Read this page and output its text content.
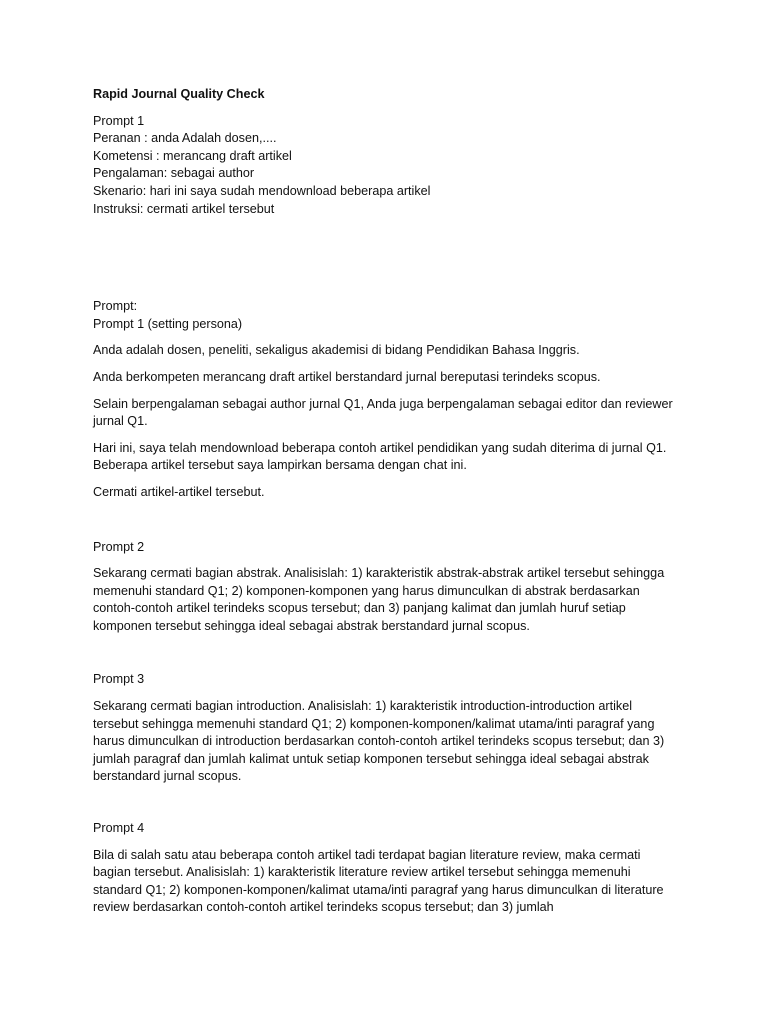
Rapid Journal Quality Check

Prompt 1

Peranan : anda Adalah dosen,....

Kometensi : merancang draft artikel

Pengalaman: sebagai author

Skenario: hari ini saya sudah mendownload beberapa artikel

Instruksi: cermati artikel tersebut

Prompt:

Prompt 1 (setting persona)

Anda adalah dosen, peneliti, sekaligus akademisi di bidang Pendidikan Bahasa Inggris.

Anda berkompeten merancang draft artikel berstandard jurnal bereputasi terindeks scopus.

Selain berpengalaman sebagai author jurnal Q1, Anda juga berpengalaman sebagai editor dan reviewer jurnal Q1.

Hari ini, saya telah mendownload beberapa contoh artikel pendidikan yang sudah diterima di jurnal Q1. Beberapa artikel tersebut saya lampirkan bersama dengan chat ini.

Cermati artikel-artikel tersebut.

Prompt 2

Sekarang cermati bagian abstrak. Analisislah: 1) karakteristik abstrak-abstrak artikel tersebut sehingga memenuhi standard Q1; 2) komponen-komponen yang harus dimunculkan di abstrak berdasarkan contoh-contoh artikel terindeks scopus tersebut; dan 3) panjang kalimat dan jumlah huruf setiap komponen tersebut sehingga ideal sebagai abstrak berstandard jurnal scopus.

Prompt 3

Sekarang cermati bagian introduction. Analisislah: 1) karakteristik introduction-introduction artikel tersebut sehingga memenuhi standard Q1; 2) komponen-komponen/kalimat utama/inti paragraf yang harus dimunculkan di introduction berdasarkan contoh-contoh artikel terindeks scopus tersebut; dan 3) jumlah paragraf dan jumlah kalimat untuk setiap komponen tersebut sehingga ideal sebagai abstrak berstandard jurnal scopus.

Prompt 4

Bila di salah satu atau beberapa contoh artikel tadi terdapat bagian literature review, maka cermati bagian tersebut. Analisislah: 1) karakteristik literature review artikel tersebut sehingga memenuhi standard Q1; 2) komponen-komponen/kalimat utama/inti paragraf yang harus dimunculkan di literature review berdasarkan contoh-contoh artikel terindeks scopus tersebut; dan 3) jumlah
